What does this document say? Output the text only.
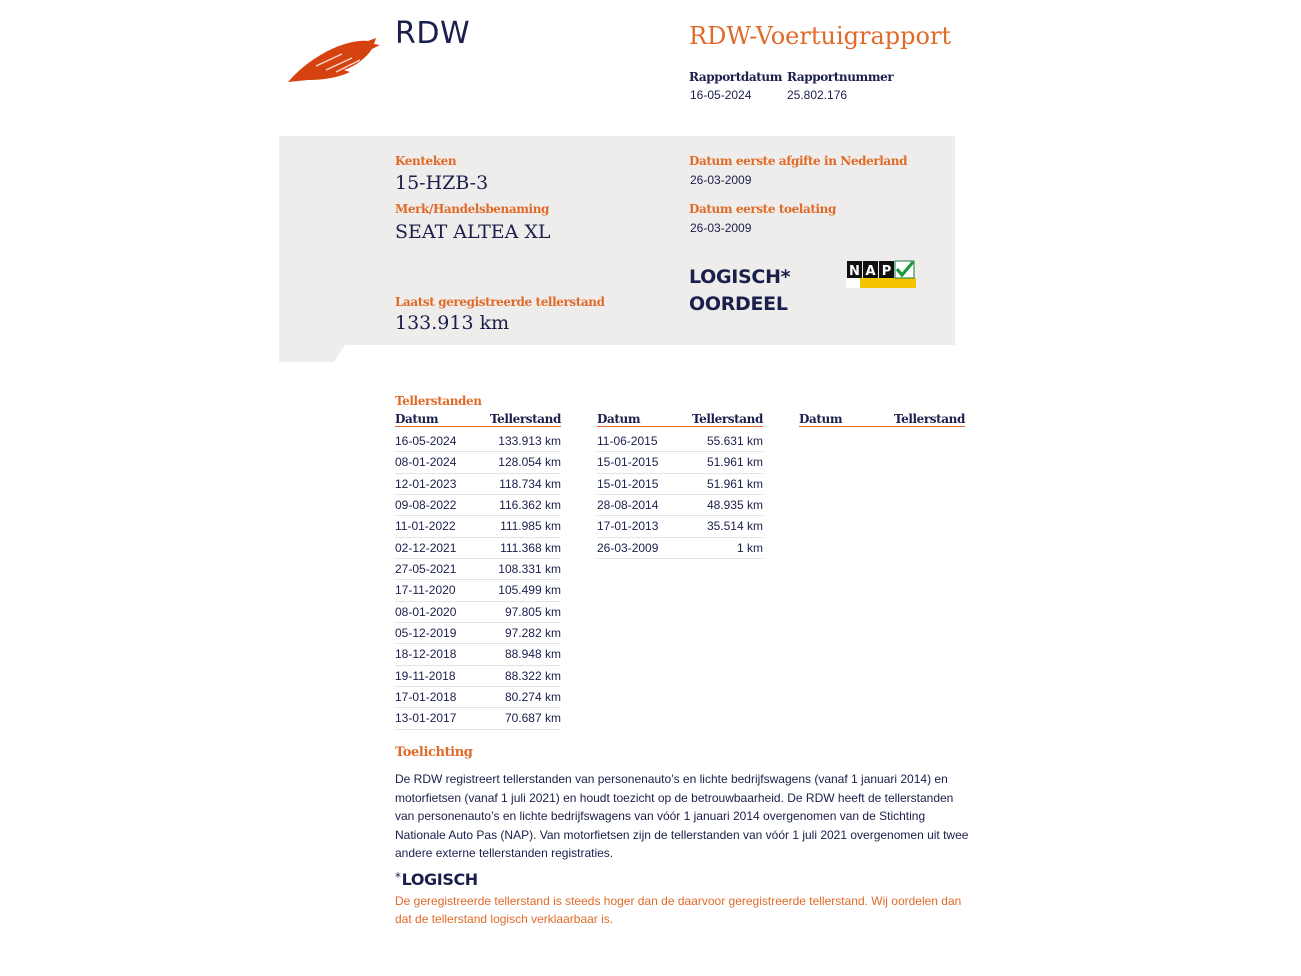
RDW	RDW-Voertuigrapport
Rapportdatum Rapportnummer
16-05-2024	25.802.176
Kenteken
15-HZB-3
Merk/Handelsbenaming
SEAT ALTEA XL
Datum eerste afgifte in Nederland
26-03-2009
Datum eerste toelating
26-03-2009
LOGISCH*
OORDEEL
N A P
Laatst geregistreerde tellerstand
133.913 km
Tellerstanden
Datum	Tellerstand
16-05-2024	133.913 km
08-01-2024	128.054 km
12-01-2023	118.734 km
09-08-2022	116.362 km
11-01-2022	111.985 km
02-12-2021	111.368 km
27-05-2021	108.331 km
17-11-2020	105.499 km
08-01-2020	97.805 km
05-12-2019	97.282 km
18-12-2018	88.948 km
19-11-2018	88.322 km
17-01-2018	80.274 km
13-01-2017	70.687 km
Datum	Tellerstand
11-06-2015	55.631 km
15-01-2015	51.961 km
15-01-2015	51.961 km
28-08-2014	48.935 km
17-01-2013	35.514 km
26-03-2009	1 km
Datum	Tellerstand
Toelichting
De RDW registreert tellerstanden van personenauto’s en lichte bedrijfswagens (vanaf 1 januari 2014) en motorfietsen (vanaf 1 juli 2021) en houdt toezicht op de betrouwbaarheid. De RDW heeft de tellerstanden van personenauto’s en lichte bedrijfswagens van vóór 1 januari 2014 overgenomen van de Stichting Nationale Auto Pas (NAP). Van motorfietsen zijn de tellerstanden van vóór 1 juli 2021 overgenomen uit twee andere externe tellerstanden registraties.
*LOGISCH
De geregistreerde tellerstand is steeds hoger dan de daarvoor geregistreerde tellerstand. Wij oordelen dan dat de tellerstand logisch verklaarbaar is.
